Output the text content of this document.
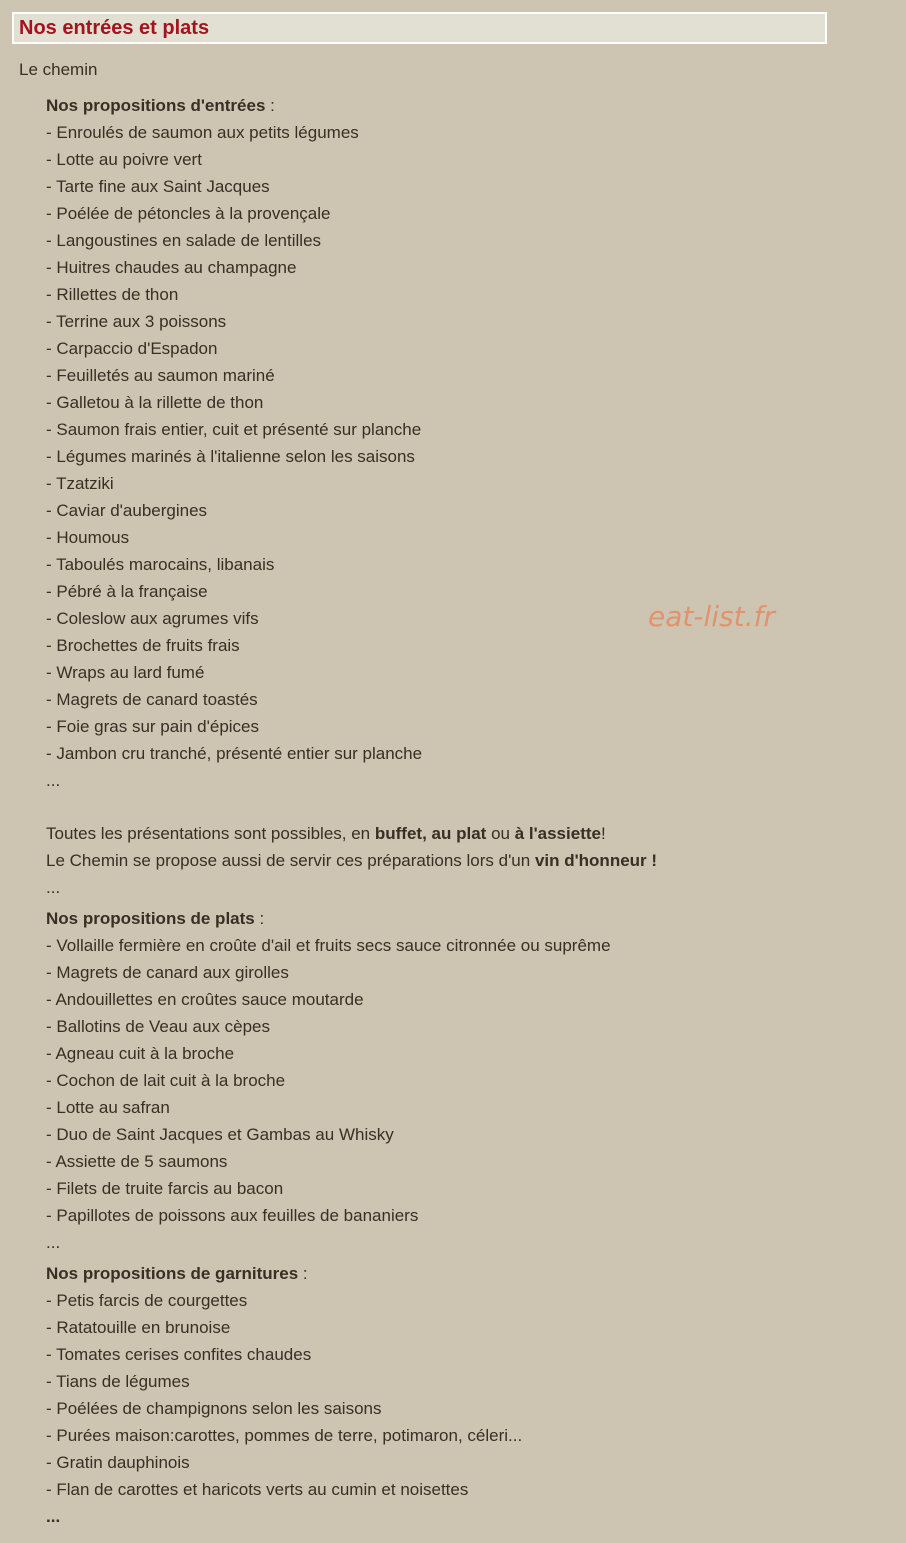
Nos entrées et plats
Le chemin
Nos propositions d'entrées :
- Enroulés de saumon aux petits légumes
- Lotte au poivre vert
- Tarte fine aux Saint Jacques
- Poélée de pétoncles à la provençale
- Langoustines en salade de lentilles
- Huitres chaudes au champagne
- Rillettes de thon
- Terrine aux 3 poissons
- Carpaccio d'Espadon
- Feuilletés au saumon mariné
- Galletou à la rillette de thon
- Saumon frais entier, cuit et présenté sur planche
- Légumes marinés à l'italienne selon les saisons
- Tzatziki
- Caviar d'aubergines
- Houmous
- Taboulés marocains, libanais
- Pébré à la française
- Coleslow aux agrumes vifs
- Brochettes de fruits frais
- Wraps au lard fumé
- Magrets de canard toastés
- Foie gras sur pain d'épices
- Jambon cru tranché, présenté entier sur planche
...
Toutes les présentations sont possibles, en buffet, au plat ou à l'assiette!
Le Chemin se propose aussi de servir ces préparations lors d'un vin d'honneur !
...
Nos propositions de plats :
- Vollaille fermière en croûte d'ail et fruits secs sauce citronnée ou suprême
- Magrets de canard aux girolles
- Andouillettes en croûtes sauce moutarde
- Ballotins de Veau aux cèpes
- Agneau cuit à la broche
- Cochon de lait cuit à la broche
- Lotte au safran
- Duo de Saint Jacques et Gambas au Whisky
- Assiette de 5 saumons
- Filets de truite farcis au bacon
- Papillotes de poissons aux feuilles de bananiers
...
Nos propositions de garnitures :
- Petis farcis de courgettes
- Ratatouille en brunoise
- Tomates cerises confites chaudes
- Tians de légumes
- Poélées de champignons selon les saisons
- Purées maison:carottes, pommes de terre, potimaron, céleri...
- Gratin dauphinois
- Flan de carottes et haricots verts au cumin et noisettes
...
eat-list.fr
